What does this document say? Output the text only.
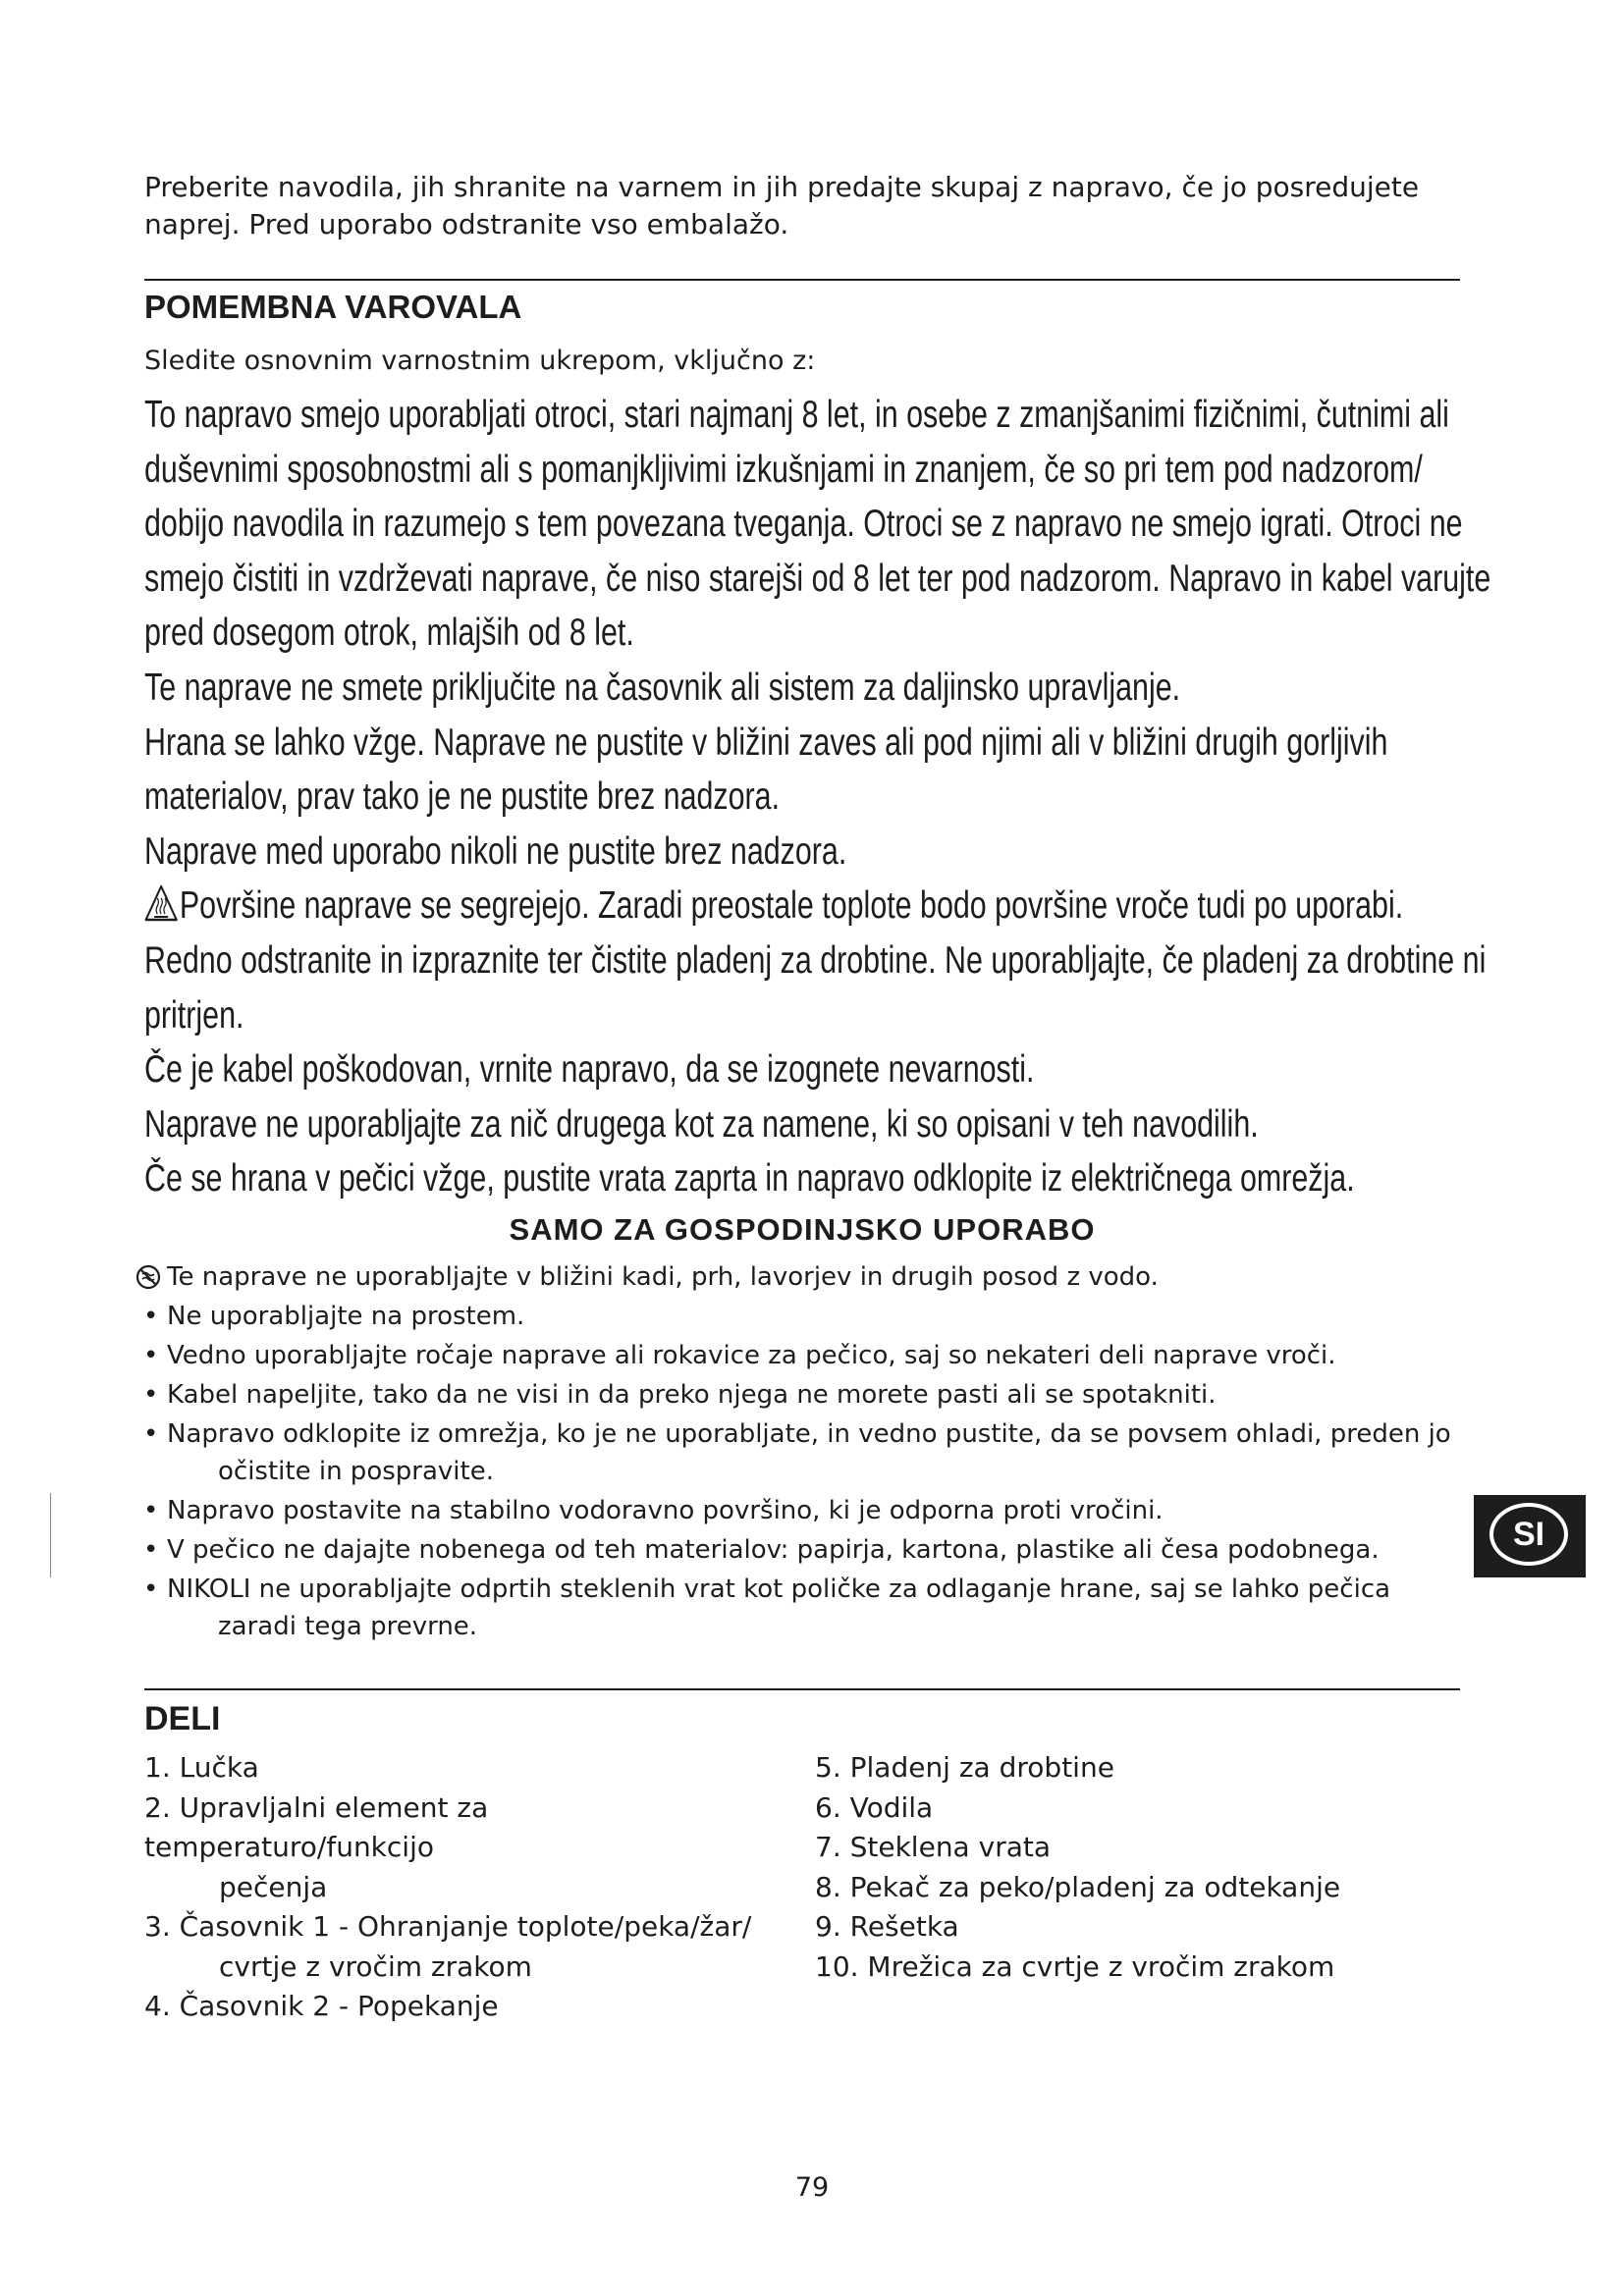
Preberite navodila, jih shranite na varnem in jih predajte skupaj z napravo, če jo posredujete naprej. Pred uporabo odstranite vso embalažo.
POMEMBNA VAROVALA
Sledite osnovnim varnostnim ukrepom, vključno z:

To napravo smejo uporabljati otroci, stari najmanj 8 let, in osebe z zmanjšanimi fizičnimi, čutnimi ali duševnimi sposobnostmi ali s pomanjkljivimi izkušnjami in znanjem, če so pri tem pod nadzorom/ dobijo navodila in razumejo s tem povezana tveganja. Otroci se z napravo ne smejo igrati. Otroci ne smejo čistiti in vzdrževati naprave, če niso starejši od 8 let ter pod nadzorom. Napravo in kabel varujte pred dosegom otrok, mlajših od 8 let.

Te naprave ne smete priključite na časovnik ali sistem za daljinsko upravljanje.

Hrana se lahko vžge. Naprave ne pustite v bližini zaves ali pod njimi ali v bližini drugih gorljivih materialov, prav tako je ne pustite brez nadzora.

Naprave med uporabo nikoli ne pustite brez nadzora.

Površine naprave se segrejejo. Zaradi preostale toplote bodo površine vroče tudi po uporabi.

Redno odstranite in izpraznite ter čistite pladenj za drobtine. Ne uporabljajte, če pladenj za drobtine ni pritrjen.

Če je kabel poškodovan, vrnite napravo, da se izognete nevarnosti.

Naprave ne uporabljajte za nič drugega kot za namene, ki so opisani v teh navodilih.

Če se hrana v pečici vžge, pustite vrata zaprta in napravo odklopite iz električnega omrežja.

SAMO ZA GOSPODINJSKO UPORABO
Te naprave ne uporabljajte v bližini kadi, prh, lavorjev in drugih posod z vodo.
• Ne uporabljajte na prostem.
• Vedno uporabljajte ročaje naprave ali rokavice za pečico, saj so nekateri deli naprave vroči.
• Kabel napeljite, tako da ne visi in da preko njega ne morete pasti ali se spotakniti.
• Napravo odklopite iz omrežja, ko je ne uporabljate, in vedno pustite, da se povsem ohladi, preden jo
očistite in pospravite.
• Napravo postavite na stabilno vodoravno površino, ki je odporna proti vročini.
• V pečico ne dajajte nobenega od teh materialov: papirja, kartona, plastike ali česa podobnega.
• NIKOLI ne uporabljajte odprtih steklenih vrat kot poličke za odlaganje hrane, saj se lahko pečica
zaradi tega prevrne.
DELI
1. Lučka
2. Upravljalni element za temperaturo/funkcijo
pečenja
3. Časovnik 1 - Ohranjanje toplote/peka/žar/
cvrtje z vročim zrakom
4. Časovnik 2 - Popekanje
5. Pladenj za drobtine
6. Vodila
7. Steklena vrata
8. Pekač za peko/pladenj za odtekanje
9. Rešetka
10. Mrežica za cvrtje z vročim zrakom
SI
79
